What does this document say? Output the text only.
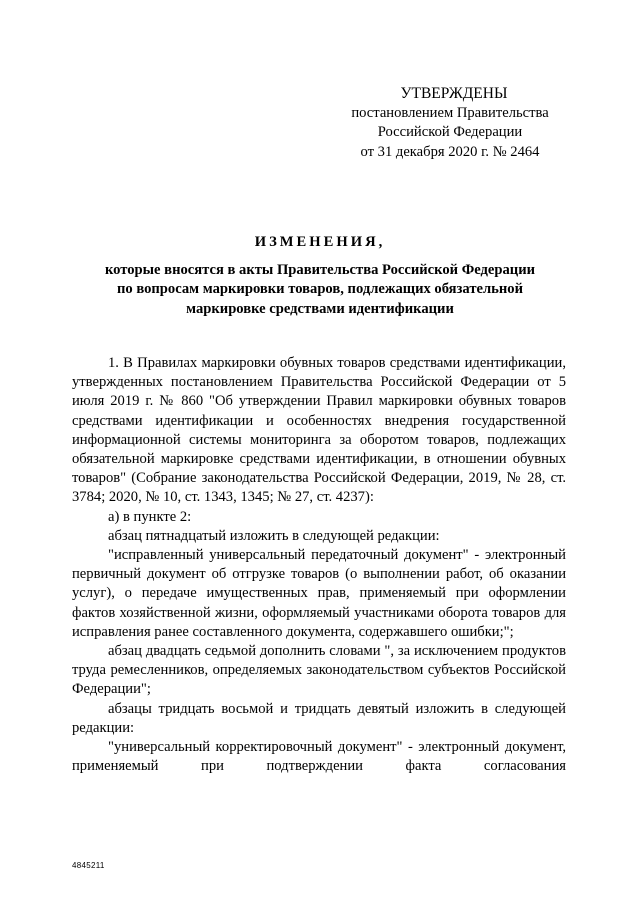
УТВЕРЖДЕНЫ
постановлением Правительства
Российской Федерации
от 31 декабря 2020 г. № 2464
ИЗМЕНЕНИЯ,
которые вносятся в акты Правительства Российской Федерации
по вопросам маркировки товаров, подлежащих обязательной
маркировке средствами идентификации

1. В Правилах маркировки обувных товаров средствами идентификации, утвержденных постановлением Правительства Российской Федерации от 5 июля 2019 г. № 860 "Об утверждении Правил маркировки обувных товаров средствами идентификации и особенностях внедрения государственной информационной системы мониторинга за оборотом товаров, подлежащих обязательной маркировке средствами идентификации, в отношении обувных товаров" (Собрание законодательства Российской Федерации, 2019, № 28, ст. 3784; 2020, № 10, ст. 1343, 1345; № 27, ст. 4237):

а) в пункте 2:

абзац пятнадцатый изложить в следующей редакции:

"исправленный универсальный передаточный документ" - электронный первичный документ об отгрузке товаров (о выполнении работ, об оказании услуг), о передаче имущественных прав, применяемый при оформлении фактов хозяйственной жизни, оформляемый участниками оборота товаров для исправления ранее составленного документа, содержавшего ошибки;";

абзац двадцать седьмой дополнить словами ", за исключением продуктов труда ремесленников, определяемых законодательством субъектов Российской Федерации";

абзацы тридцать восьмой и тридцать девятый изложить в следующей редакции:

"универсальный корректировочный документ" - электронный документ, применяемый при подтверждении факта согласования

4845211
